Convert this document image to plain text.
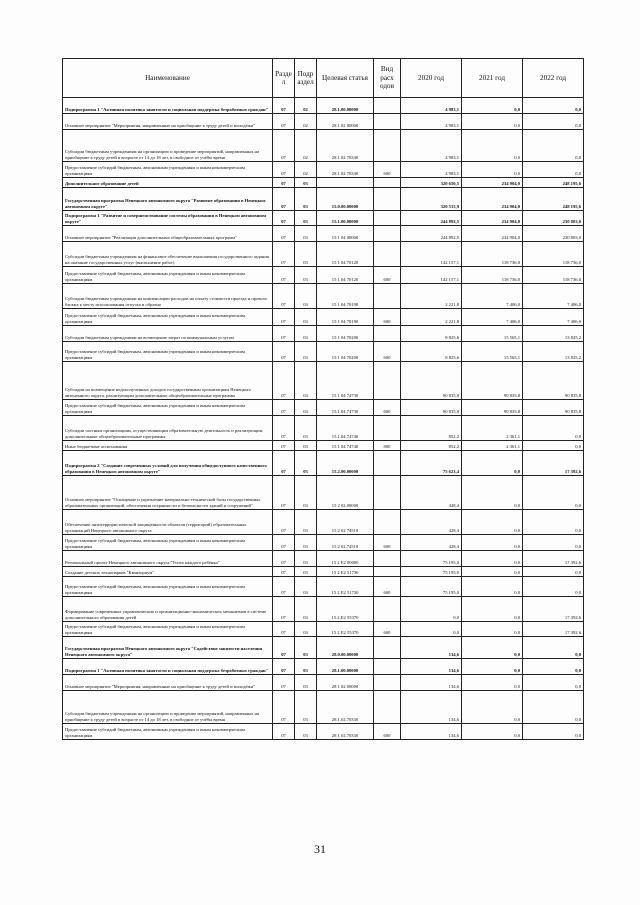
Наименование	Разде л	Подр аздел	Целевая статья	Вид расх одов	2020 год	2021 год	2022 год
Подпрограмма 1 "Активная политика занятости и социальная поддержка безработных граждан"	07	02	28.1.00.00000		4 983,1	0,0	0,0
Основное мероприятие "Мероприятия, направленные на приобщение к труду детей и молодёжи"	07	02	28 1 02 00000		4 983,1	0,0	0,0
Субсидии бюджетным учреждениям на организацию и проведение мероприятий, направленных на приобщение к труду детей в возрасте от 14 до 18 лет, в свободное от учёбы время	07	02	28 1 02 70330		4 983,1	0,0	0,0
Предоставление субсидий бюджетным, автономным учреждениям и иным некоммерческим организациям	07	02	28 1 02 70330	600	4 983,1	0,0	0,0
Дополнительное образование детей	07	03			320 650,5	234 904,0	248 195,6
Государственная программа Ненецкого автономного округа "Развитие образования в Ненецком автономном округе"	07	03	15.0.00.00000		320 515,9	234 904,0	248 195,6
Подпрограмма 1 "Развитие и совершенствование системы образования в Ненецком автономном округе"	07	03	15.1.00.00000		244 892,5	234 904,0	230 803,0
Основное мероприятие "Реализация дополнительных общеобразовательных программ"	07	03	15 1 04 00000		244 892,5	234 904,0	230 803,0
Субсидии бюджетным учреждениям на финансовое обеспечение выполнения государственного задания на оказание государственных услуг (выполнение работ)	07	03	15 1 04 70120		142 157,1	118 736,0	118 736,0
Предоставление субсидий бюджетным, автономным учреждениям и иным некоммерческим организациям	07	03	15 1 04 70120	600	142 157,1	118 736,0	118 736,0
Субсидии бюджетным учреждениям на компенсацию расходов на оплату стоимости проезда и провоза багажа к месту использования отпуска и обратно	07	03	15 1 04 70190		2 221,8	7 406,0	7 406,0
Предоставление субсидий бюджетным, автономным учреждениям и иным некоммерческим организациям	07	03	15 1 04 70190	600	2 221,8	7 406,0	7 406,0
Субсидии бюджетным учреждениям на возмещение затрат по коммунальным услугам	07	03	15 1 04 70200		8 825,6	15 565,1	13 825,2
Предоставление субсидий бюджетным, автономным учреждениям и иным некоммерческим организациям	07	03	15 1 04 70200	600	8 825,6	15 565,1	13 825,2
Субсидии на возмещение недополученных доходов государственным организациям Ненецкого автономного округа, реализующим дополнительные общеобразовательные программы	07	03	15 1 04 74730		90 835,8	90 835,8	90 835,8
Предоставление субсидий бюджетным, автономным учреждениям и иным некоммерческим организациям	07	03	15.1.04.74730	600	90 835,8	90 835,8	90 835,8
Субсидии частным организациям, осуществляющим образовательную деятельность и реализующим дополнительные общеобразовательные программы	07	03	15.1.04.74740		852,2	2 361,1	0,0
Иные бюджетные ассигнования	07	03	15 1 04 74740	800	852,2	2 361,1	0,0
Подпрограмма 2 "Создание современных условий для получения общедоступного качественного образования в Ненецком автономном округе"	07	03	15.2.00.00000		75 623,4	0,0	17 392,6
Основное мероприятие "Оснащение и укрепление материально-технической базы государственных образовательных организаций, обеспечения сохранности и безопасности зданий и сооружений"	07	03	15 2 02.00000		428,4	0,0	0,0
Обеспечение антитеррористической защищённости объектов (территорий) образовательных организаций Ненецкого автономного округа	07	03	15 2 02 74510		428,4	0,0	0,0
Предоставление субсидий бюджетным, автономным учреждениям и иным некоммерческим организациям	07	03	15 2 02.74510	600	428,4	0,0	0,0
Региональный проект Ненецкого автономного округа "Успех каждого ребёнка"	07	03	15 2 E2 00000		75 195,0	0,0	17 392,6
Создание детских технопарков "Кванториум"	07	03	15 2 E2 51730		75 195,0	0,0	0,0
Предоставление субсидий бюджетным, автономным учреждениям и иным некоммерческим организациям	07	03	15 2 E2 51730	600	75 195,0	0,0	0,0
Формирование современных управленческих и организационно-экономических механизмов в системе дополнительного образования детей	07	03	15.2.E2 55370		0,0	0,0	17 392,6
Предоставление субсидий бюджетным, автономным учреждениям и иным некоммерческим организациям	07	03	15 2 E2 55370	600	0,0	0,0	17 392,6
Государственная программа Ненецкого автономного округа "Содействие занятости населения Ненецкого автономного округа"	07	03	28.0.00.00000		134,6	0,0	0,0
Подпрограмма 1 "Активная политика занятости и социальная поддержка безработных граждан"	07	03	28.1.00.00000		134,6	0,0	0,0
Основное мероприятие "Мероприятия, направленные на приобщение к труду детей и молодёжи"	07	03	28 1 02 00000		134,6	0,0	0,0
Субсидии бюджетным учреждениям на организацию и проведение мероприятий, направленных на приобщение к труду детей в возрасте от 14 до 18 лет, в свободное от учёбы время	07	03	28.1.02.70330		134,6	0,0	0,0
Предоставление субсидий бюджетным, автономным учреждениям и иным некоммерческим организациям	07	03	28 1 02.70330	600	134,6	0,0	0,0
31
